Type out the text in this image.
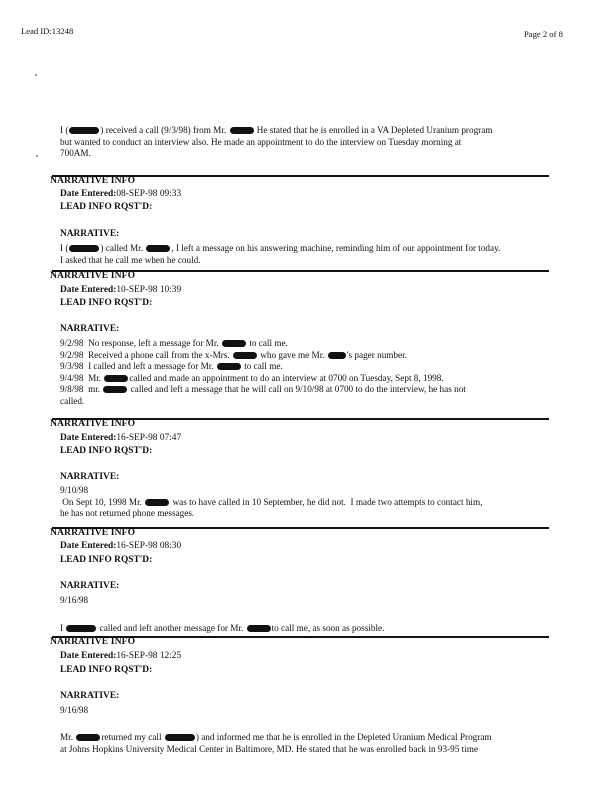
Lead ID:13248	Page 2 of 8
I (	) received a call (9/3/98) from Mr.	He stated that he is enrolled in a VA Depleted Uranium program
but wanted to conduct an interview also. He made an appointment to do the interview on Tuesday morning at
700AM.
NARRATIVE INFO
Date Entered:08-SEP-98 09:33
LEAD INFO RQST'D:
NARRATIVE:
I (	) called Mr.	, I left a message on his answering machine, reminding him of our appointment for today.
I asked that he call me when he could.
NARRATIVE INFO
Date Entered:10-SEP-98 10:39
LEAD INFO RQST'D:
NARRATIVE:
9/2/98  No response, left a message for Mr.	to call me.
9/2/98  Received a phone call from the x-Mrs.	who gave me Mr. 's pager number.
9/3/98  I called and left a message for Mr.	to call me.
9/4/98  Mr.	called and made an appointment to do an interview at 0700 on Tuesday, Sept 8, 1998.
9/8/98  mr.	called and left a message that he will call on 9/10/98 at 0700 to do the interview, he has not
called.
NARRATIVE INFO
Date Entered:16-SEP-98 07:47
LEAD INFO RQST'D:
NARRATIVE:
9/10/98
On Sept 10, 1998 Mr.	was to have called in 10 September, he did not.  I made two attempts to contact him,
he has not returned phone messages.
NARRATIVE INFO
Date Entered:16-SEP-98 08:30
LEAD INFO RQST'D:
NARRATIVE:
9/16/98

I	called and left another message for Mr.	to call me, as soon as possible.
NARRATIVE INFO
Date Entered:16-SEP-98 12:25
LEAD INFO RQST'D:
NARRATIVE:
9/16/98

Mr.	returned my call	) and informed me that he is enrolled in the Depleted Uranium Medical Program
at Johns Hopkins University Medical Center in Baltimore, MD. He stated that he was enrolled back in 93-95 time
